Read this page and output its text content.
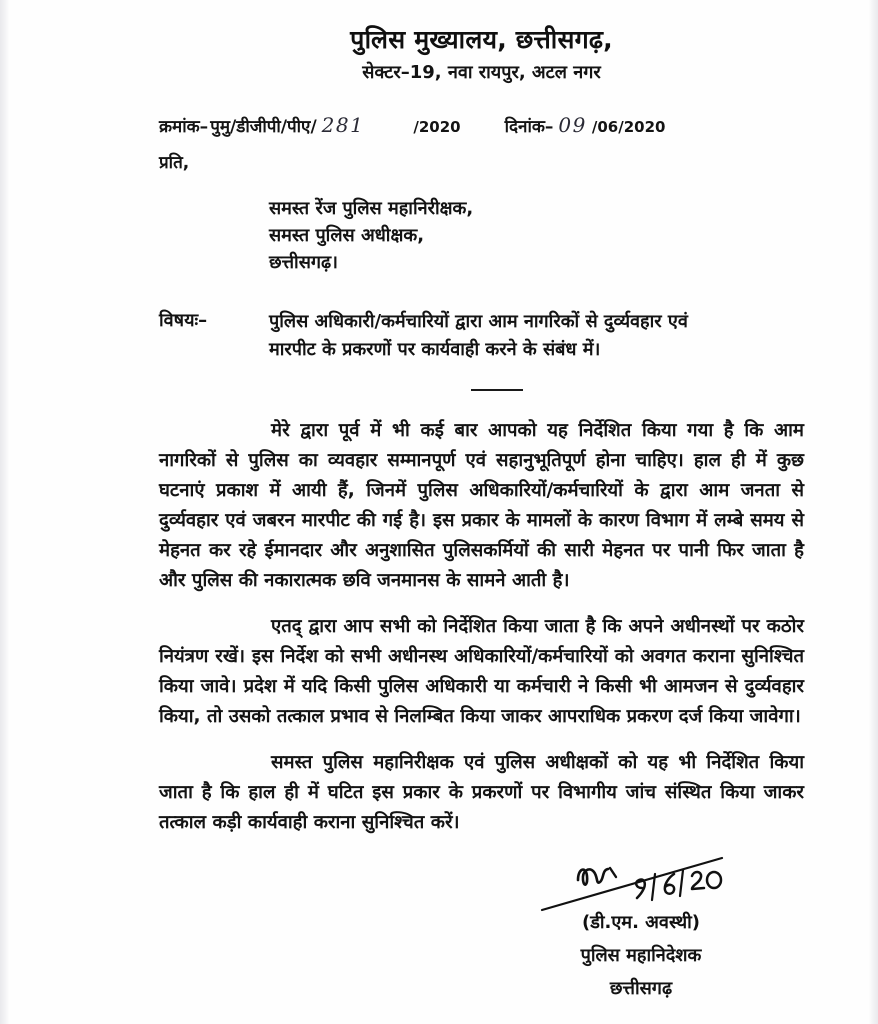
पुलिस मुख्यालय, छत्तीसगढ़,
सेक्टर–19, नवा रायपुर, अटल नगर
क्रमांक– पुमु/डीजीपी/पीए/ 281	/2020	दिनांक– 09 /06/2020
प्रति,
समस्त रेंज पुलिस महानिरीक्षक,
समस्त पुलिस अधीक्षक,
छत्तीसगढ़।
विषयः–	पुलिस अधिकारी/कर्मचारियों द्वारा आम नागरिकों से दुर्व्यवहार एवं
मारपीट के प्रकरणों पर कार्यवाही करने के संबंध में।

मेरे द्वारा पूर्व में भी कई बार आपको यह निर्देशित किया गया है कि आम नागरिकों से पुलिस का व्यवहार सम्मानपूर्ण एवं सहानुभूतिपूर्ण होना चाहिए। हाल ही में कुछ घटनाएं प्रकाश में आयी हैं, जिनमें पुलिस अधिकारियों/कर्मचारियों के द्वारा आम जनता से दुर्व्यवहार एवं जबरन मारपीट की गई है। इस प्रकार के मामलों के कारण विभाग में लम्बे समय से मेहनत कर रहे ईमानदार और अनुशासित पुलिसकर्मियों की सारी मेहनत पर पानी फिर जाता है और पुलिस की नकारात्मक छवि जनमानस के सामने आती है।

एतद् द्वारा आप सभी को निर्देशित किया जाता है कि अपने अधीनस्थों पर कठोर नियंत्रण रखें। इस निर्देश को सभी अधीनस्थ अधिकारियों/कर्मचारियों को अवगत कराना सुनिश्चित किया जावे। प्रदेश में यदि किसी पुलिस अधिकारी या कर्मचारी ने किसी भी आमजन से दुर्व्यवहार किया, तो उसको तत्काल प्रभाव से निलम्बित किया जाकर आपराधिक प्रकरण दर्ज किया जावेगा।

समस्त पुलिस महानिरीक्षक एवं पुलिस अधीक्षकों को यह भी निर्देशित किया जाता है कि हाल ही में घटित इस प्रकार के प्रकरणों पर विभागीय जांच संस्थित किया जाकर तत्काल कड़ी कार्यवाही कराना सुनिश्चित करें।

(डी.एम. अवस्थी)
पुलिस महानिदेशक
छत्तीसगढ़
